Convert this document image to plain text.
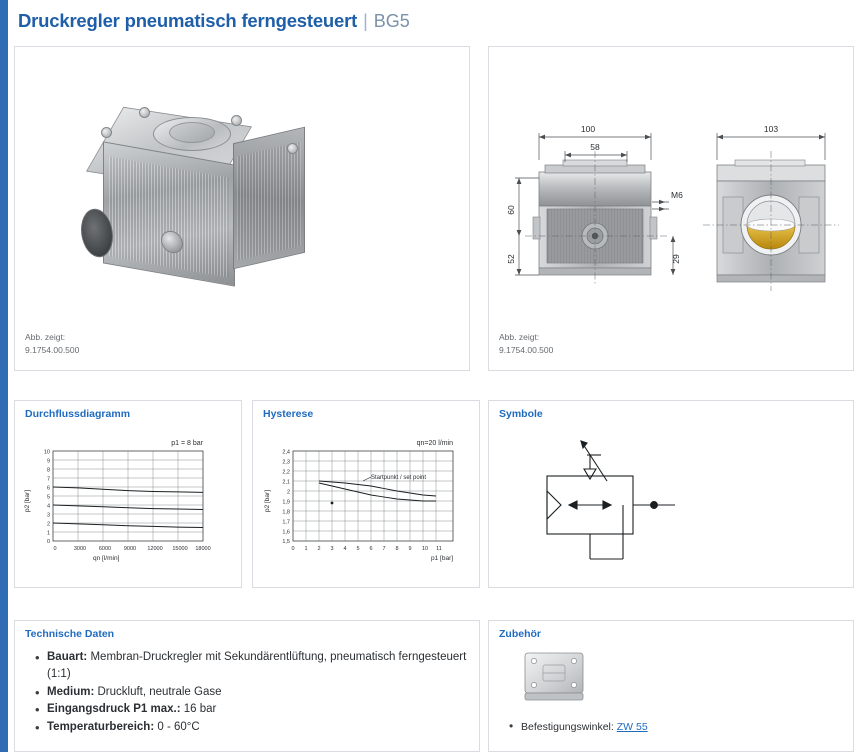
Druckregler pneumatisch ferngesteuert | BG5
Abb. zeigt:
9.1754.00.500
100
58
60
52	29
M6
103
Abb. zeigt:
9.1754.00.500
Durchflussdiagramm
p1 = 8 bar
p2 [bar]
10
9
8
7
6
5
4
3
2
1
0
0	3000 6000 9000 12000 15000 18000
qn [l/min]
Hysterese
qn=20 l/min
p2 [bar]
2,4
2,3
2,2
2,1
2
1,9
1,8
1,7
1,6
1,5
0 1 2 3 4 5 6 7 8 9 10 11
p1 [bar]
Startpunkt / set point
Symbole
Technische Daten
• Bauart: Membran-Druckregler mit Sekundärentlüftung, pneumatisch ferngesteuert (1:1)
• Medium: Druckluft, neutrale Gase
• Eingangsdruck P1 max.: 16 bar
• Temperaturbereich: 0 - 60°C
Zubehör
• Befestigungswinkel: ZW 55
